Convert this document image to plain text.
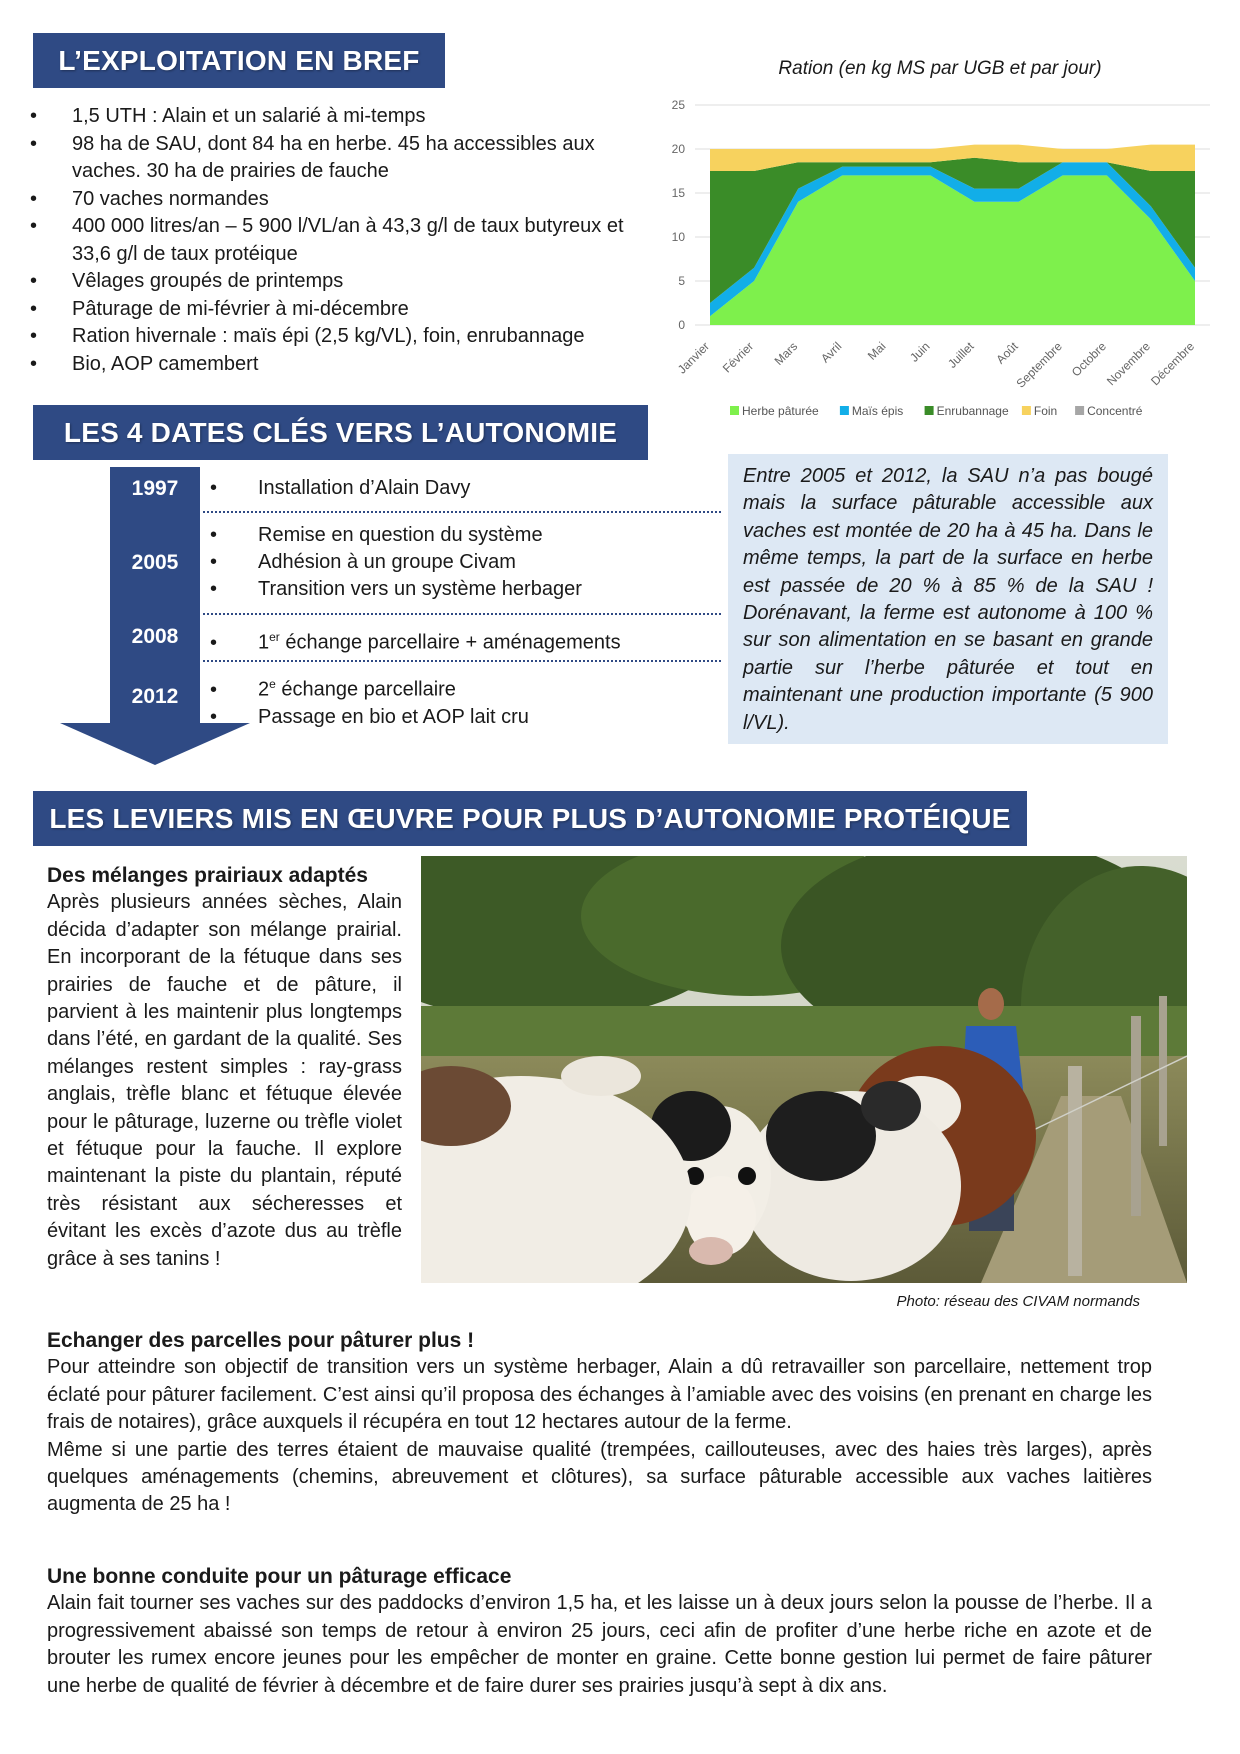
L’EXPLOITATION EN BREF
• 1,5 UTH : Alain et un salarié à mi-temps
• 98 ha de SAU, dont 84 ha en herbe. 45 ha accessibles aux vaches. 30 ha de prairies de fauche
• 70 vaches normandes
• 400 000 litres/an – 5 900 l/VL/an à 43,3 g/l de taux butyreux et 33,6 g/l de taux protéique
• Vêlages groupés de printemps
• Pâturage de mi-février à mi-décembre
• Ration hivernale : maïs épi (2,5 kg/VL), foin, enrubannage
• Bio, AOP camembert
Ration (en kg MS par UGB et par jour)
0
5
10
15
20
25
Janvier Février Mars Avril Mai Juin Juillet Août
Septembre Octobre
Novembre
Décembre
Herbe pâturée	Maïs épis	Enrubannage Foin Concentré
LES 4 DATES CLÉS VERS L’AUTONOMIE
1997	• Installation d’Alain Davy
2005
• Remise en question du système
• Adhésion à un groupe Civam
• Transition vers un système herbager
2008	• 1er échange parcellaire + aménagements
2012	• 2e échange parcellaire
• Passage en bio et AOP lait cru
Entre 2005 et 2012, la SAU n’a pas bougé mais la surface pâturable accessible aux vaches est montée de 20 ha à 45 ha. Dans le même temps, la part de la surface en herbe est passée de 20 % à 85 % de la SAU ! Dorénavant, la ferme est autonome à 100 % sur son alimentation en se basant en grande partie sur l’herbe pâturée et tout en maintenant une production importante (5 900 l/VL).
LES LEVIERS MIS EN ŒUVRE POUR PLUS D’AUTONOMIE PROTÉIQUE
Des mélanges prairiaux adaptés
Après plusieurs années sèches, Alain décida d’adapter son mélange prairial. En incorporant de la fétuque dans ses prairies de fauche et de pâture, il parvient à les maintenir plus longtemps dans l’été, en gardant de la qualité. Ses mélanges restent simples : ray-grass anglais, trèfle blanc et fétuque élevée pour le pâturage, luzerne ou trèfle violet et fétuque pour la fauche. Il explore maintenant la piste du plantain, réputé très résistant aux sécheresses et évitant les excès d’azote dus au trèfle grâce à ses tanins !
Photo: réseau des CIVAM normands
Echanger des parcelles pour pâturer plus !

Pour atteindre son objectif de transition vers un système herbager, Alain a dû retravailler son parcellaire, nettement trop éclaté pour pâturer facilement. C’est ainsi qu’il proposa des échanges à l’amiable avec des voisins (en prenant en charge les frais de notaires), grâce auxquels il récupéra en tout 12 hectares autour de la ferme.

Même si une partie des terres étaient de mauvaise qualité (trempées, caillouteuses, avec des haies très larges), après quelques aménagements (chemins, abreuvement et clôtures), sa surface pâturable accessible aux vaches laitières augmenta de 25 ha !

Une bonne conduite pour un pâturage efficace

Alain fait tourner ses vaches sur des paddocks d’environ 1,5 ha, et les laisse un à deux jours selon la pousse de l’herbe. Il a progressivement abaissé son temps de retour à environ 25 jours, ceci afin de profiter d’une herbe riche en azote et de brouter les rumex encore jeunes pour les empêcher de monter en graine. Cette bonne gestion lui permet de faire pâturer une herbe de qualité de février à décembre et de faire durer ses prairies jusqu’à sept à dix ans.
